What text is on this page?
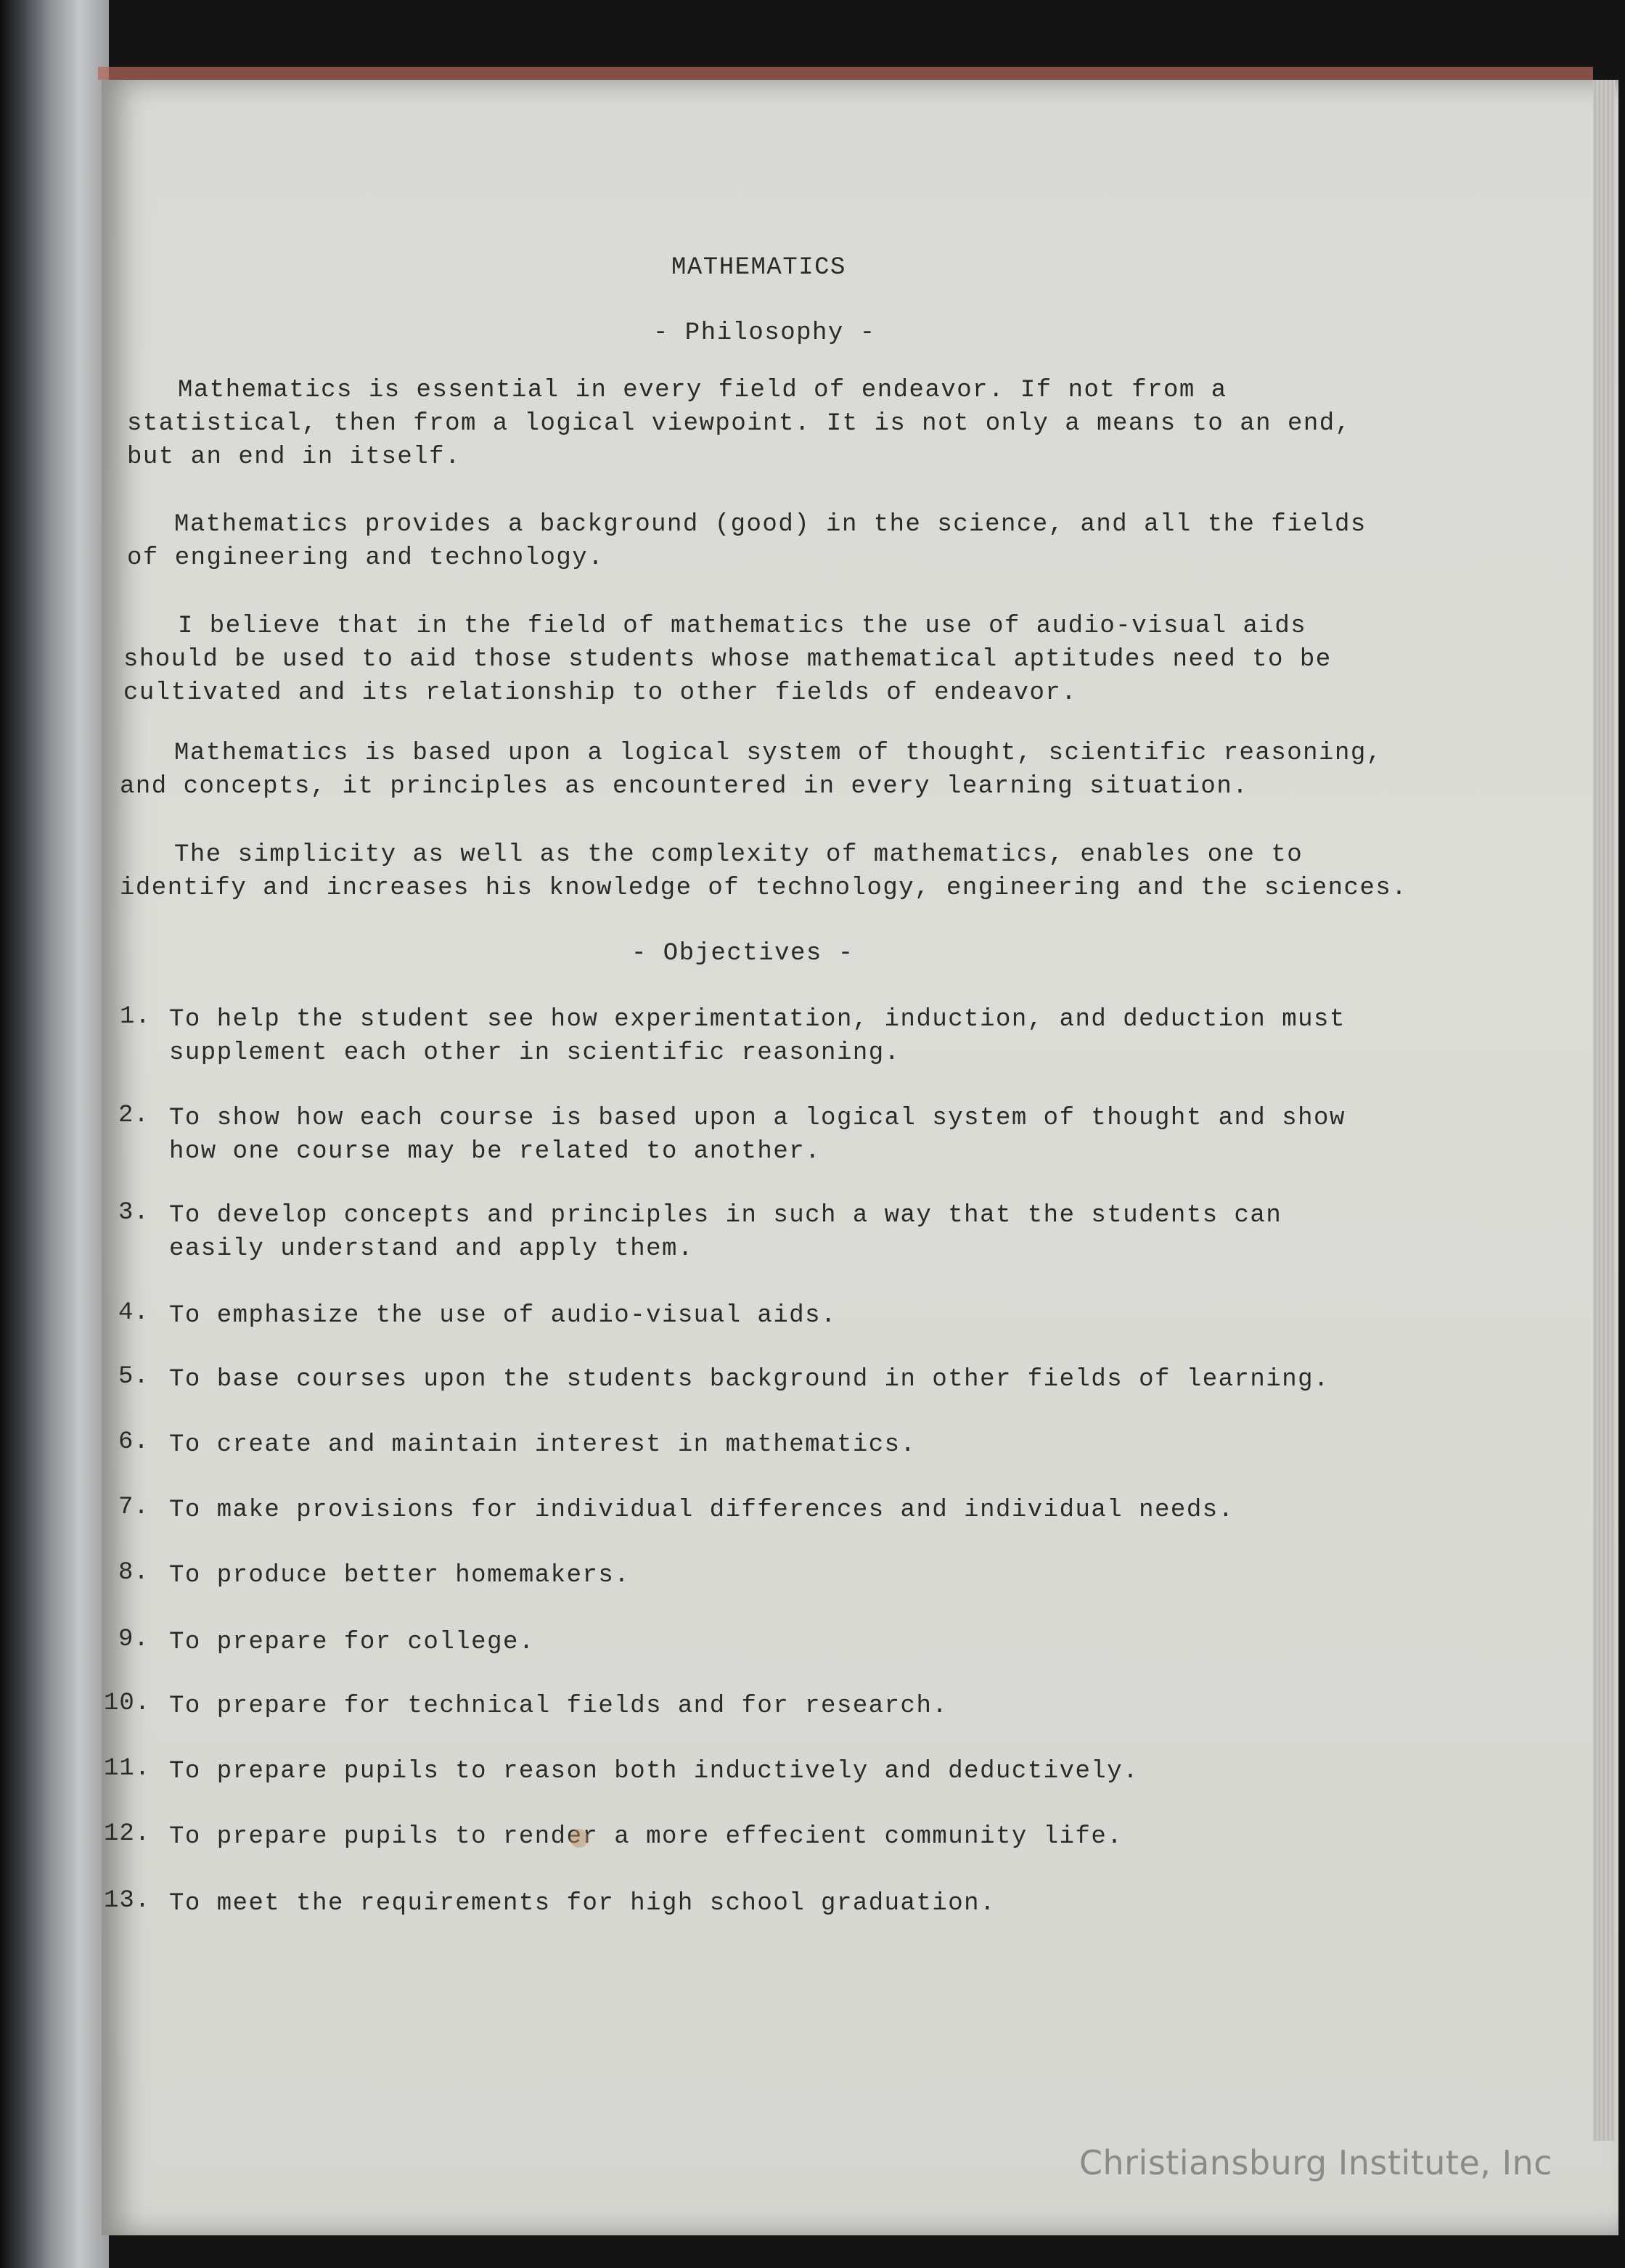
MATHEMATICS
- Philosophy -
Mathematics is essential in every field of endeavor. If not from a
statistical, then from a logical viewpoint. It is not only a means to an end,
but an end in itself.
Mathematics provides a background (good) in the science, and all the fields
of engineering and technology.
I believe that in the field of mathematics the use of audio-visual aids
should be used to aid those students whose mathematical aptitudes need to be
cultivated and its relationship to other fields of endeavor.
Mathematics is based upon a logical system of thought, scientific reasoning,
and concepts, it principles as encountered in every learning situation.
The simplicity as well as the complexity of mathematics, enables one to
identify and increases his knowledge of technology, engineering and the sciences.
- Objectives -
1. To help the student see how experimentation, induction, and deduction must
supplement each other in scientific reasoning.
2. To show how each course is based upon a logical system of thought and show
how one course may be related to another.
3. To develop concepts and principles in such a way that the students can
easily understand and apply them.
4. To emphasize the use of audio-visual aids.
5. To base courses upon the students background in other fields of learning.
6. To create and maintain interest in mathematics.
7. To make provisions for individual differences and individual needs.
8. To produce better homemakers.
9. To prepare for college.
10. To prepare for technical fields and for research.
11. To prepare pupils to reason both inductively and deductively.
12. To prepare pupils to render a more effecient community life.
13. To meet the requirements for high school graduation.
Christiansburg Institute, Inc
